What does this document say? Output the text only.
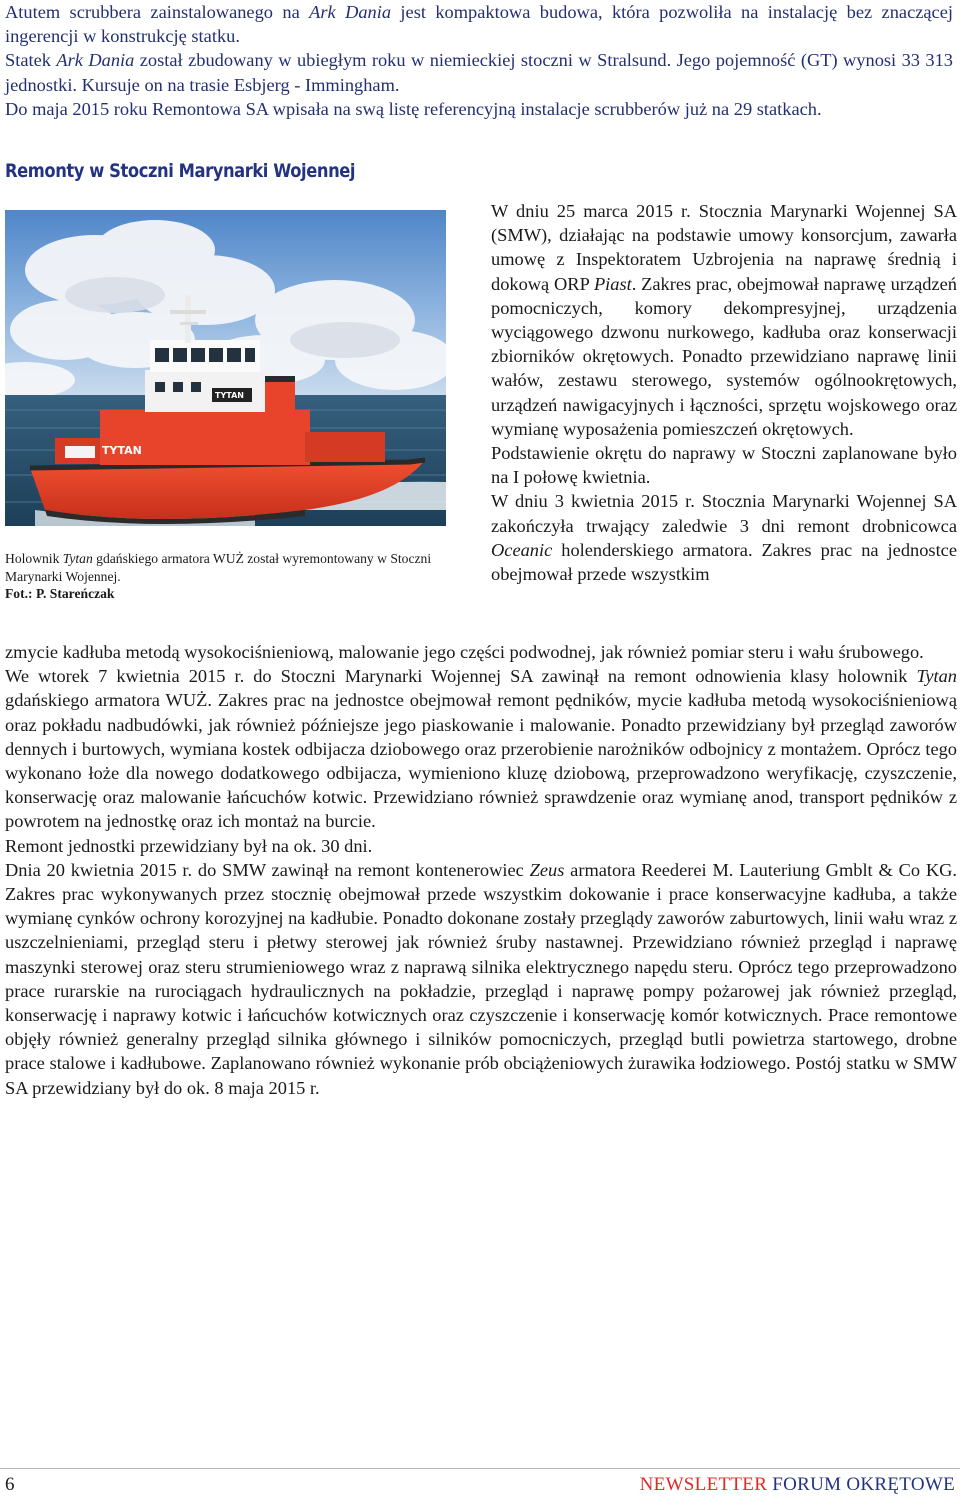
Atutem scrubbera zainstalowanego na Ark Dania jest kompaktowa budowa, która pozwoliła na instalację bez znaczącej ingerencji w konstrukcję statku.

Statek Ark Dania został zbudowany w ubiegłym roku w niemieckiej stoczni w Stralsund. Jego pojemność (GT) wynosi 33 313 jednostki. Kursuje on na trasie Esbjerg - Immingham.

Do maja 2015 roku Remontowa SA wpisała na swą listę referencyjną instalacje scrubberów już na 29 statkach.

Remonty w Stoczni Marynarki Wojennej
TYTAN
TYTAN
Holownik Tytan gdańskiego armatora WUŻ został wyremontowany w Stoczni Marynarki Wojennej.
Fot.: P. Stareńczak

W dniu 25 marca 2015 r. Stocznia Marynarki Wojennej SA (SMW), działając na podstawie umowy konsorcjum, zawarła umowę z Inspektoratem Uzbrojenia na naprawę średnią i dokową ORP Piast. Zakres prac, obejmował naprawę urządzeń pomocniczych, komory dekompresyjnej, urządzenia wyciągowego dzwonu nurkowego, kadłuba oraz konserwacji zbiorników okrętowych. Ponadto przewidziano naprawę linii wałów, zestawu sterowego, systemów ogólnookrętowych, urządzeń nawigacyjnych i łączności, sprzętu wojskowego oraz wymianę wyposażenia pomieszczeń okrętowych.

Podstawienie okrętu do naprawy w Stoczni zaplanowane było na I połowę kwietnia.

W dniu 3 kwietnia 2015 r. Stocznia Marynarki Wojennej SA zakończyła trwający zaledwie 3 dni remont drobnicowca Oceanic holenderskiego armatora. Zakres prac na jednostce obejmował przede wszystkim

zmycie kadłuba metodą wysokociśnieniową, malowanie jego części podwodnej, jak również pomiar steru i wału śrubowego.

We wtorek 7 kwietnia 2015 r. do Stoczni Marynarki Wojennej SA zawinął na remont odnowienia klasy holownik Tytan gdańskiego armatora WUŻ. Zakres prac na jednostce obejmował remont pędników, mycie kadłuba metodą wysokociśnieniową oraz pokładu nadbudówki, jak również późniejsze jego piaskowanie i malowanie. Ponadto przewidziany był przegląd zaworów dennych i burtowych, wymiana kostek odbijacza dziobowego oraz przerobienie narożników odbojnicy z montażem. Oprócz tego wykonano łoże dla nowego dodatkowego odbijacza, wymieniono kluzę dziobową, przeprowadzono weryfikację, czyszczenie, konserwację oraz malowanie łańcuchów kotwic. Przewidziano również sprawdzenie oraz wymianę anod, transport pędników z powrotem na jednostkę oraz ich montaż na burcie.

Remont jednostki przewidziany był na ok. 30 dni.

Dnia 20 kwietnia 2015 r. do SMW zawinął na remont kontenerowiec Zeus armatora Reederei M. Lauteriung Gmblt & Co KG. Zakres prac wykonywanych przez stocznię obejmował przede wszystkim dokowanie i prace konserwacyjne kadłuba, a także wymianę cynków ochrony korozyjnej na kadłubie. Ponadto dokonane zostały przeglądy zaworów zaburtowych, linii wału wraz z uszczelnieniami, przegląd steru i płetwy sterowej jak również śruby nastawnej. Przewidziano również przegląd i naprawę maszynki sterowej oraz steru strumieniowego wraz z naprawą silnika elektrycznego napędu steru. Oprócz tego przeprowadzono prace rurarskie na rurociągach hydraulicznych na pokładzie, przegląd i naprawę pompy pożarowej jak również przegląd, konserwację i naprawy kotwic i łańcuchów kotwicznych oraz czyszczenie i konserwację komór kotwicznych. Prace remontowe objęły również generalny przegląd silnika głównego i silników pomocniczych, przegląd butli powietrza startowego, drobne prace stalowe i kadłubowe. Zaplanowano również wykonanie prób obciążeniowych żurawika łodziowego. Postój statku w SMW SA przewidziany był do ok. 8 maja 2015 r.

6	NEWSLETTER FORUM OKRĘTOWE
